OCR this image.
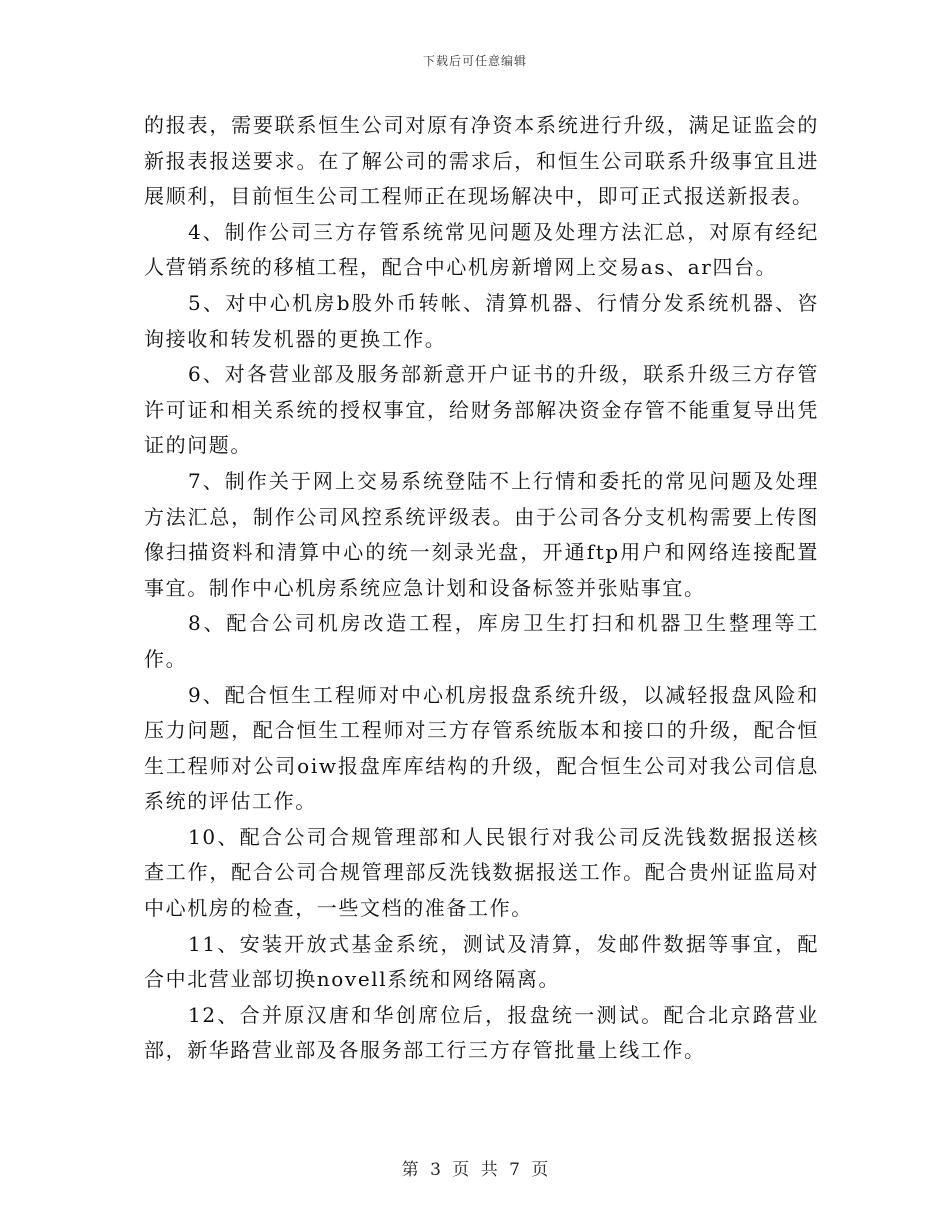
下载后可任意编辑

的报表，需要联系恒生公司对原有净资本系统进行升级，满足证监会的新报表报送要求。在了解公司的需求后，和恒生公司联系升级事宜且进展顺利，目前恒生公司工程师正在现场解决中，即可正式报送新报表。

4、制作公司三方存管系统常见问题及处理方法汇总，对原有经纪人营销系统的移植工程，配合中心机房新增网上交易as、ar四台。

5、对中心机房b股外币转帐、清算机器、行情分发系统机器、咨询接收和转发机器的更换工作。

6、对各营业部及服务部新意开户证书的升级，联系升级三方存管许可证和相关系统的授权事宜，给财务部解决资金存管不能重复导出凭证的问题。

7、制作关于网上交易系统登陆不上行情和委托的常见问题及处理方法汇总，制作公司风控系统评级表。由于公司各分支机构需要上传图像扫描资料和清算中心的统一刻录光盘，开通ftp用户和网络连接配置事宜。制作中心机房系统应急计划和设备标签并张贴事宜。

8、配合公司机房改造工程，库房卫生打扫和机器卫生整理等工作。

9、配合恒生工程师对中心机房报盘系统升级，以减轻报盘风险和压力问题，配合恒生工程师对三方存管系统版本和接口的升级，配合恒生工程师对公司oiw报盘库库结构的升级，配合恒生公司对我公司信息系统的评估工作。

10、配合公司合规管理部和人民银行对我公司反洗钱数据报送核查工作，配合公司合规管理部反洗钱数据报送工作。配合贵州证监局对中心机房的检查，一些文档的准备工作。

11、安装开放式基金系统，测试及清算，发邮件数据等事宜，配合中北营业部切换novell系统和网络隔离。

12、合并原汉唐和华创席位后，报盘统一测试。配合北京路营业部，新华路营业部及各服务部工行三方存管批量上线工作。

第 3 页 共 7 页
